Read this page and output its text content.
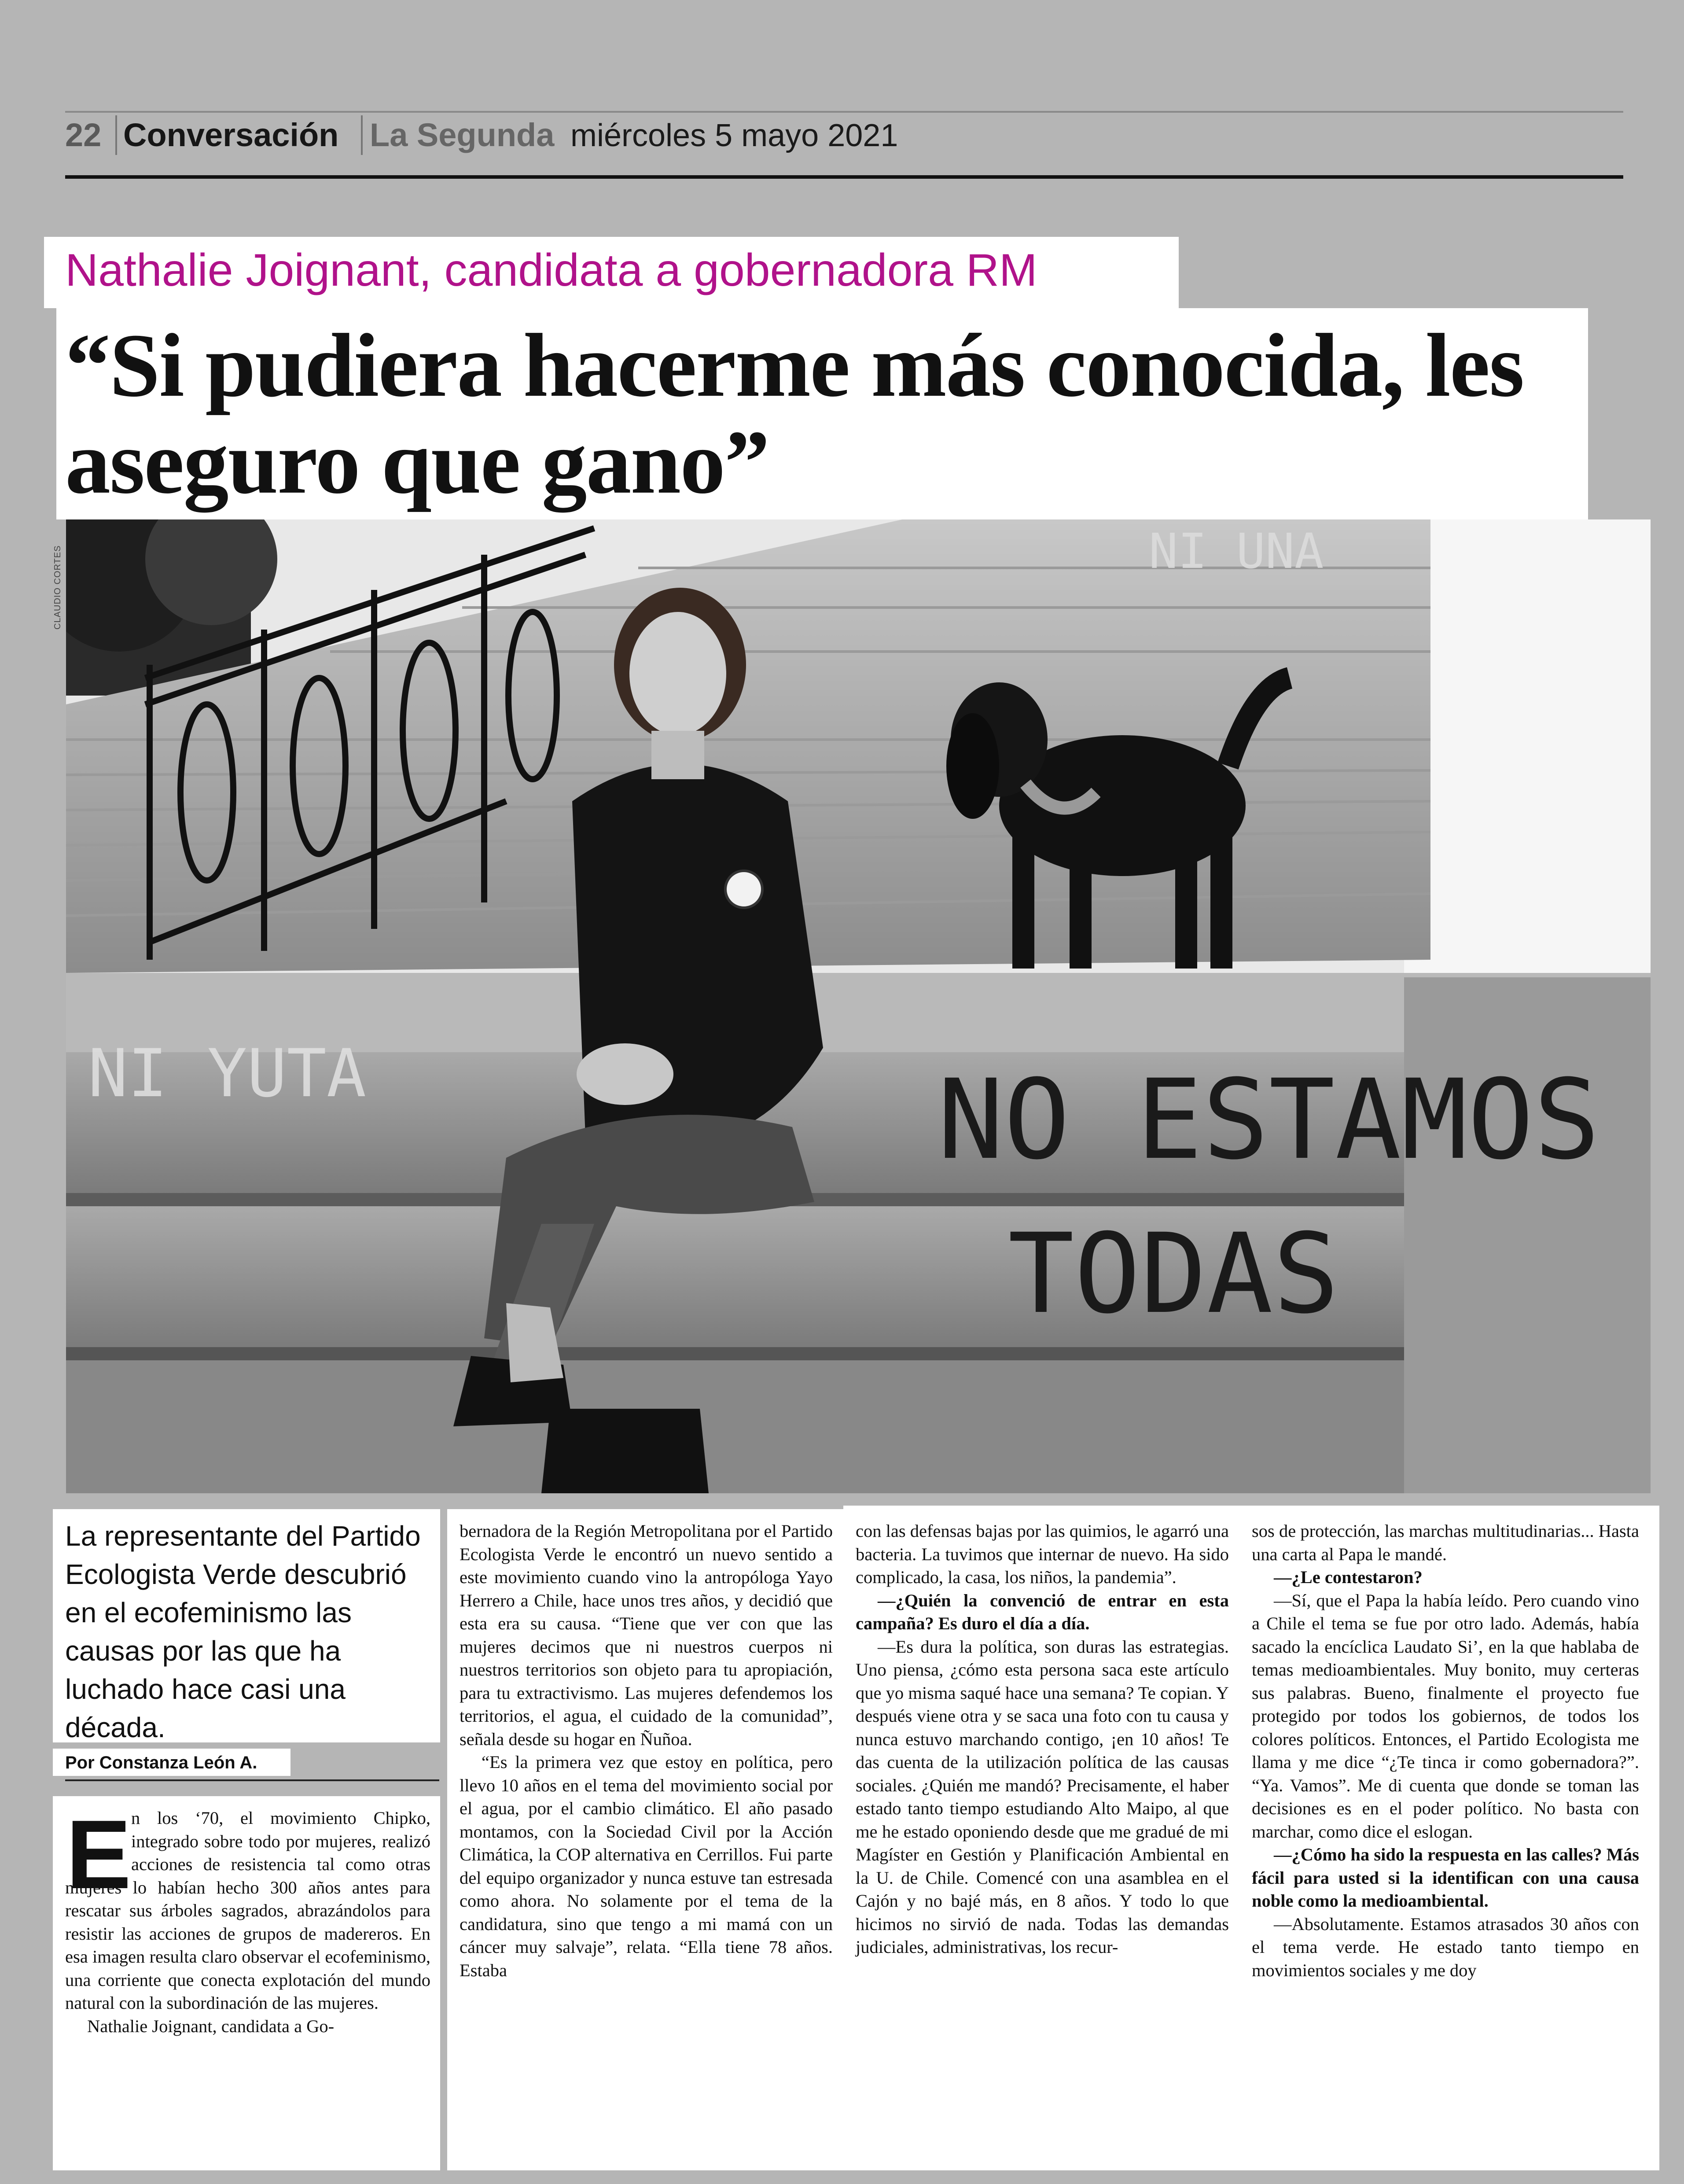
22 Conversación La Segunda miércoles 5 mayo 2021
Nathalie Joignant, candidata a gobernadora RM
“Si pudiera hacerme más conocida, les aseguro que gano”
CLAUDIO CORTES
NI YUTA
NI UNA
NO ESTAMOS
TODAS
La representante del Partido Ecologista Verde descubrió en el ecofeminismo las causas por las que ha luchado hace casi una década.
Por Constanza León A.
E n los ‘70, el movimiento Chipko, integrado sobre todo por mujeres, realizó acciones de resistencia tal como otras mujeres lo habían hecho 300 años antes para rescatar sus árboles sagrados, abrazándolos para resistir las acciones de grupos de madereros. En esa imagen resulta claro observar el ecofeminismo, una corriente que conecta explotación del mundo natural con la subordinación de las mujeres.

Nathalie Joignant, candidata a Go-

bernadora de la Región Metropolitana por el Partido Ecologista Verde le encontró un nuevo sentido a este movimiento cuando vino la antropóloga Yayo Herrero a Chile, hace unos tres años, y decidió que esta era su causa. “Tiene que ver con que las mujeres decimos que ni nuestros cuerpos ni nuestros territorios son objeto para tu apropiación, para tu extractivismo. Las mujeres defendemos los territorios, el agua, el cuidado de la comunidad”, señala desde su hogar en Ñuñoa.

“Es la primera vez que estoy en política, pero llevo 10 años en el tema del movimiento social por el agua, por el cambio climático. El año pasado montamos, con la Sociedad Civil por la Acción Climática, la COP alternativa en Cerrillos. Fui parte del equipo organizador y nunca estuve tan estresada como ahora. No solamente por el tema de la candidatura, sino que tengo a mi mamá con un cáncer muy salvaje”, relata. “Ella tiene 78 años. Estaba

con las defensas bajas por las quimios, le agarró una bacteria. La tuvimos que internar de nuevo. Ha sido complicado, la casa, los niños, la pandemia”.

—¿Quién la convenció de entrar en esta campaña? Es duro el día a día.

—Es dura la política, son duras las estrategias. Uno piensa, ¿cómo esta persona saca este artículo que yo misma saqué hace una semana? Te copian. Y después viene otra y se saca una foto con tu causa y nunca estuvo marchando contigo, ¡en 10 años! Te das cuenta de la utilización política de las causas sociales. ¿Quién me mandó? Precisamente, el haber estado tanto tiempo estudiando Alto Maipo, al que me he estado oponiendo desde que me gradué de mi Magíster en Gestión y Planificación Ambiental en la U. de Chile. Comencé con una asamblea en el Cajón y no bajé más, en 8 años. Y todo lo que hicimos no sirvió de nada. Todas las demandas judiciales, administrativas, los recur-

sos de protección, las marchas multitudinarias... Hasta una carta al Papa le mandé.

—¿Le contestaron?

—Sí, que el Papa la había leído. Pero cuando vino a Chile el tema se fue por otro lado. Además, había sacado la encíclica Laudato Si’, en la que hablaba de temas medioambientales. Muy bonito, muy certeras sus palabras. Bueno, finalmente el proyecto fue protegido por todos los gobiernos, de todos los colores políticos. Entonces, el Partido Ecologista me llama y me dice “¿Te tinca ir como gobernadora?”. “Ya. Vamos”. Me di cuenta que donde se toman las decisiones es en el poder político. No basta con marchar, como dice el eslogan.

—¿Cómo ha sido la respuesta en las calles? Más fácil para usted si la identifican con una causa noble como la medioambiental.

—Absolutamente. Estamos atrasados 30 años con el tema verde. He estado tanto tiempo en movimientos sociales y me doy
